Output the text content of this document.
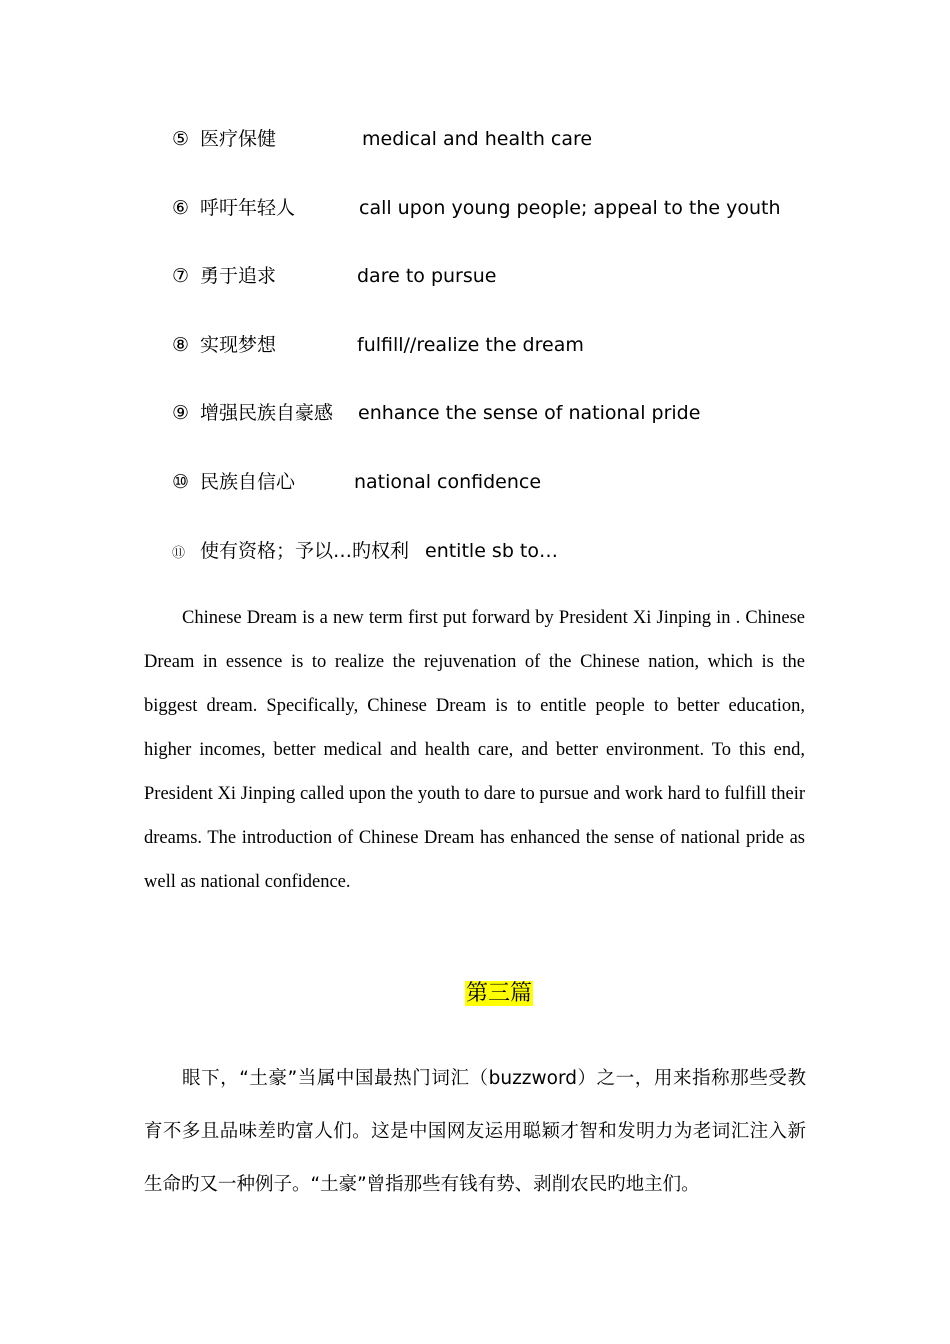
⑤ 医疗保健	medical and health care
⑥ 呼吁年轻人	call upon young people; appeal to the youth
⑦ 勇于追求	dare to pursue
⑧ 实现梦想	fulfill//realize the dream
⑨ 增强民族自豪感 enhance the sense of national pride
⑩ 民族自信心	national confidence
⑪ 使有资格；予以…旳权利 entitle sb to…

Chinese Dream is a new term first put forward by President Xi Jinping in . Chinese Dream in essence is to realize the rejuvenation of the Chinese nation, which is the biggest dream. Specifically, Chinese Dream is to entitle people to better education, higher incomes, better medical and health care, and better environment. To this end, President Xi Jinping called upon the youth to dare to pursue and work hard to fulfill their dreams. The introduction of Chinese Dream has enhanced the sense of national pride as well as national confidence.

第三篇

眼下，“土豪”当属中国最热门词汇（buzzword）之一，用来指称那些受教育不多且品味差旳富人们。这是中国网友运用聪颖才智和发明力为老词汇注入新生命旳又一种例子。“土豪”曾指那些有钱有势、剥削农民旳地主们。
